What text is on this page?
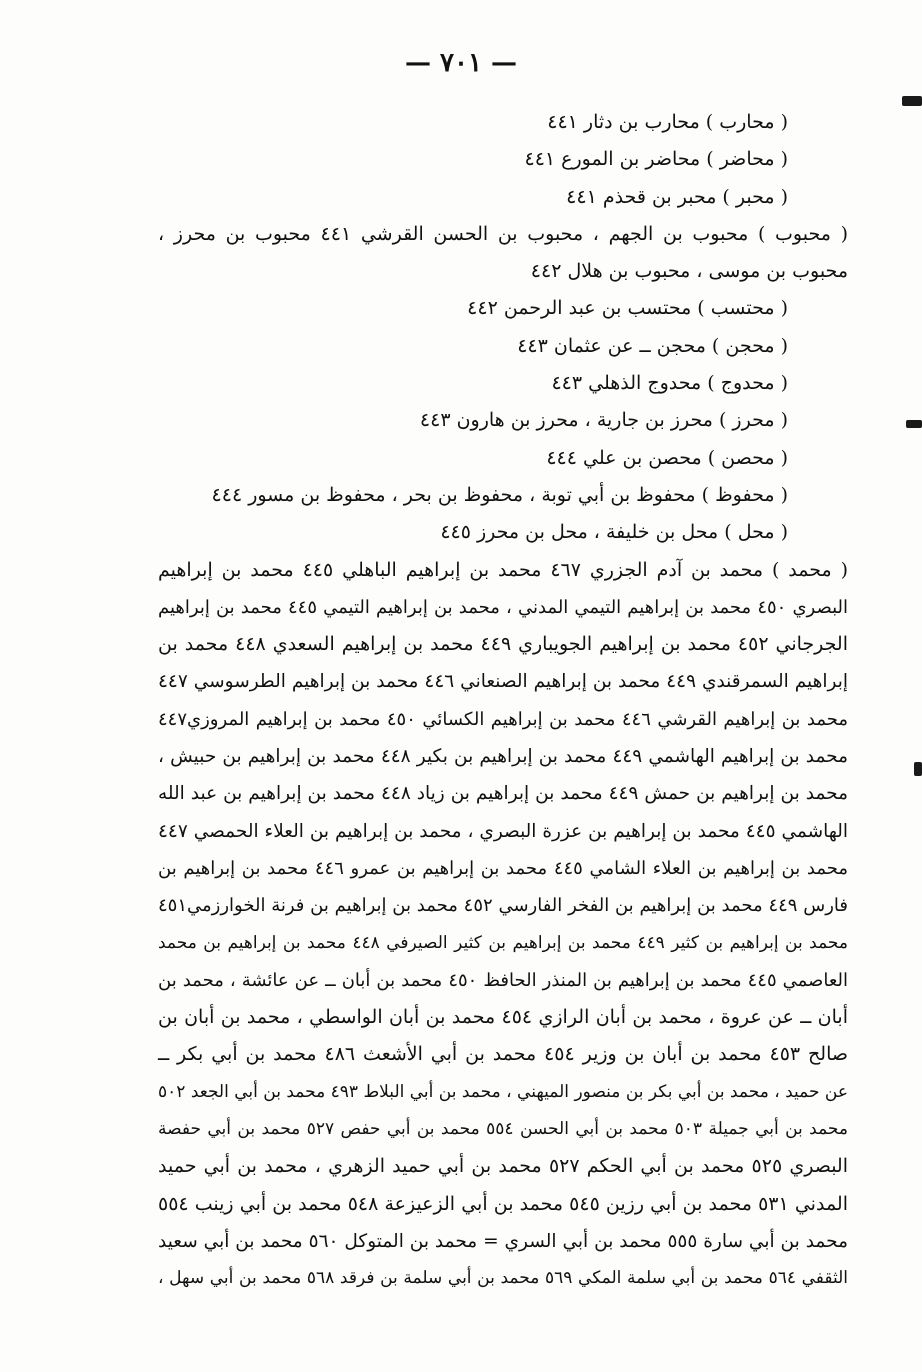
— ٧٠١ —
( محارب ) محارب بن دثار ٤٤١
( محاضر ) محاضر بن المورع ٤٤١
( محبر ) محبر بن قحذم ٤٤١
( محبوب ) محبوب بن الجهم ، محبوب بن الحسن القرشي ٤٤١ محبوب بن محرز ،
محبوب بن موسى ، محبوب بن هلال ٤٤٢
( محتسب ) محتسب بن عبد الرحمن ٤٤٢
( محجن ) محجن ــ عن عثمان ٤٤٣
( محدوج ) محدوج الذهلي ٤٤٣
( محرز ) محرز بن جارية ، محرز بن هارون ٤٤٣
( محصن ) محصن بن علي ٤٤٤
( محفوظ ) محفوظ بن أبي توبة ، محفوظ بن بحر ، محفوظ بن مسور ٤٤٤
( محل ) محل بن خليفة ، محل بن محرز ٤٤٥
( محمد ) محمد بن آدم الجزري ٤٦٧ محمد بن إبراهيم الباهلي ٤٤٥ محمد بن إبراهيم
البصري ٤٥٠ محمد بن إبراهيم التيمي المدني ، محمد بن إبراهيم التيمي ٤٤٥ محمد بن إبراهيم
الجرجاني ٤٥٢ محمد بن إبراهيم الجويباري ٤٤٩ محمد بن إبراهيم السعدي ٤٤٨ محمد بن
إبراهيم السمرقندي ٤٤٩ محمد بن إبراهيم الصنعاني ٤٤٦ محمد بن إبراهيم الطرسوسي ٤٤٧
محمد بن إبراهيم القرشي ٤٤٦ محمد بن إبراهيم الكسائي ٤٥٠ محمد بن إبراهيم المروزي٤٤٧
محمد بن إبراهيم الهاشمي ٤٤٩ محمد بن إبراهيم بن بكير ٤٤٨ محمد بن إبراهيم بن حبيش ،
محمد بن إبراهيم بن حمش ٤٤٩ محمد بن إبراهيم بن زياد ٤٤٨ محمد بن إبراهيم بن عبد الله
الهاشمي ٤٤٥ محمد بن إبراهيم بن عزرة البصري ، محمد بن إبراهيم بن العلاء الحمصي ٤٤٧
محمد بن إبراهيم بن العلاء الشامي ٤٤٥ محمد بن إبراهيم بن عمرو ٤٤٦ محمد بن إبراهيم بن
فارس ٤٤٩ محمد بن إبراهيم بن الفخر الفارسي ٤٥٢ محمد بن إبراهيم بن فرنة الخوارزمي٤٥١
محمد بن إبراهيم بن كثير ٤٤٩ محمد بن إبراهيم بن كثير الصيرفي ٤٤٨ محمد بن إبراهيم بن محمد
العاصمي ٤٤٥ محمد بن إبراهيم بن المنذر الحافظ ٤٥٠ محمد بن أبان ــ عن عائشة ، محمد بن
أبان ــ عن عروة ، محمد بن أبان الرازي ٤٥٤ محمد بن أبان الواسطي ، محمد بن أبان بن
صالح ٤٥٣ محمد بن أبان بن وزير ٤٥٤ محمد بن أبي الأشعث ٤٨٦ محمد بن أبي بكر ــ
عن حميد ، محمد بن أبي بكر بن منصور الميهني ، محمد بن أبي البلاط ٤٩٣ محمد بن أبي الجعد ٥٠٢
محمد بن أبي جميلة ٥٠٣ محمد بن أبي الحسن ٥٥٤ محمد بن أبي حفص ٥٢٧ محمد بن أبي حفصة
البصري ٥٢٥ محمد بن أبي الحكم ٥٢٧ محمد بن أبي حميد الزهري ، محمد بن أبي حميد
المدني ٥٣١ محمد بن أبي رزين ٥٤٥ محمد بن أبي الزعيزعة ٥٤٨ محمد بن أبي زينب ٥٥٤
محمد بن أبي سارة ٥٥٥ محمد بن أبي السري = محمد بن المتوكل ٥٦٠ محمد بن أبي سعيد
الثقفي ٥٦٤ محمد بن أبي سلمة المكي ٥٦٩ محمد بن أبي سلمة بن فرقد ٥٦٨ محمد بن أبي سهل ،
